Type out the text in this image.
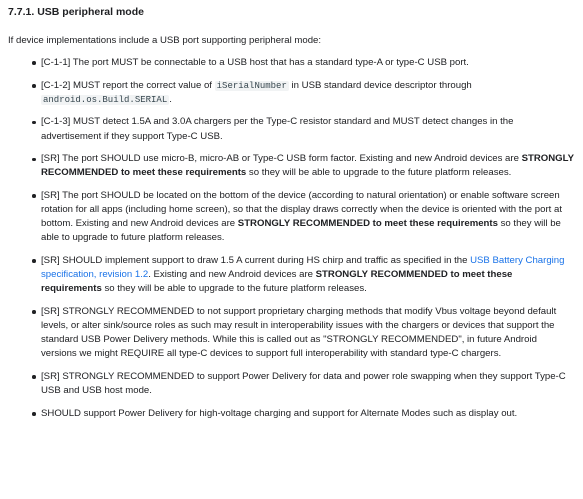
7.7.1. USB peripheral mode

If device implementations include a USB port supporting peripheral mode:

[C-1-1] The port MUST be connectable to a USB host that has a standard type-A or type-C USB port.
[C-1-2] MUST report the correct value of iSerialNumber in USB standard device descriptor through android.os.Build.SERIAL .
[C-1-3] MUST detect 1.5A and 3.0A chargers per the Type-C resistor standard and MUST detect changes in the advertisement if they support Type-C USB.
[SR] The port SHOULD use micro-B, micro-AB or Type-C USB form factor. Existing and new Android devices are STRONGLY RECOMMENDED to meet these requirements so they will be able to upgrade to the future platform releases.
[SR] The port SHOULD be located on the bottom of the device (according to natural orientation) or enable software screen rotation for all apps (including home screen), so that the display draws correctly when the device is oriented with the port at bottom. Existing and new Android devices are STRONGLY RECOMMENDED to meet these requirements so they will be able to upgrade to future platform releases.
[SR] SHOULD implement support to draw 1.5 A current during HS chirp and traffic as specified in the USB Battery Charging specification, revision 1.2. Existing and new Android devices are STRONGLY RECOMMENDED to meet these requirements so they will be able to upgrade to the future platform releases.
[SR] STRONGLY RECOMMENDED to not support proprietary charging methods that modify Vbus voltage beyond default levels, or alter sink/source roles as such may result in interoperability issues with the chargers or devices that support the standard USB Power Delivery methods. While this is called out as "STRONGLY RECOMMENDED", in future Android versions we might REQUIRE all type-C devices to support full interoperability with standard type-C chargers.
[SR] STRONGLY RECOMMENDED to support Power Delivery for data and power role swapping when they support Type-C USB and USB host mode.
SHOULD support Power Delivery for high-voltage charging and support for Alternate Modes such as display out.
